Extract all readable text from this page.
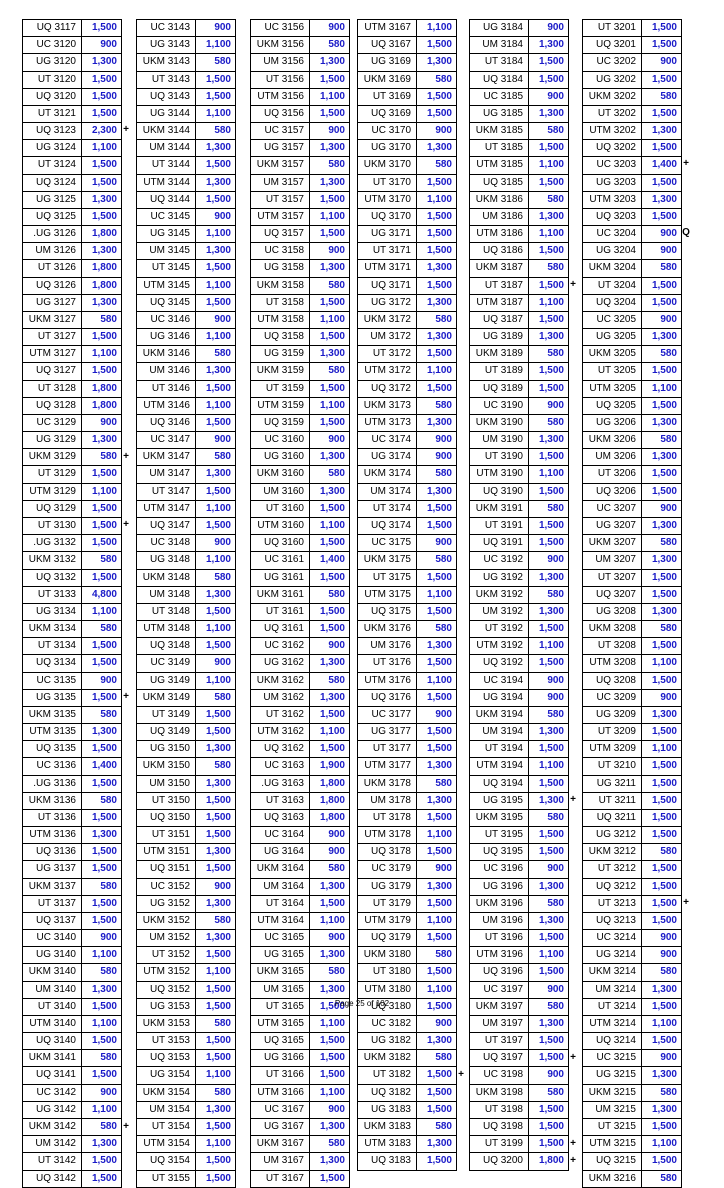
+
+
+
+
+
UQ 3117	1,500
UC 3120	900
UG 3120	1,300
UT 3120	1,500
UQ 3120	1,500
UT 3121	1,500
UQ 3123	2,300
UG 3124	1,100
UT 3124	1,500
UQ 3124	1,500
UG 3125	1,300
UQ 3125	1,500
.UG 3126	1,800
UM 3126	1,300
UT 3126	1,800
UQ 3126	1,800
UG 3127	1,300
UKM 3127	580
UT 3127	1,500
UTM 3127	1,100
UQ 3127	1,500
UT 3128	1,800
UQ 3128	1,800
UC 3129	900
UG 3129	1,300
UKM 3129	580
UT 3129	1,500
UTM 3129	1,100
UQ 3129	1,500
UT 3130	1,500
.UG 3132	1,500
UKM 3132	580
UQ 3132	1,500
UT 3133	4,800
UG 3134	1,100
UKM 3134	580
UT 3134	1,500
UQ 3134	1,500
UC 3135	900
UG 3135	1,500
UKM 3135	580
UTM 3135	1,300
UQ 3135	1,500
UC 3136	1,400
.UG 3136	1,500
UKM 3136	580
UT 3136	1,500
UTM 3136	1,300
UQ 3136	1,500
UG 3137	1,500
UKM 3137	580
UT 3137	1,500
UQ 3137	1,500
UC 3140	900
UG 3140	1,100
UKM 3140	580
UM 3140	1,300
UT 3140	1,500
UTM 3140	1,100
UQ 3140	1,500
UKM 3141	580
UQ 3141	1,500
UC 3142	900
UG 3142	1,100
UKM 3142	580
UM 3142	1,300
UT 3142	1,500
UQ 3142	1,500
UC 3143	900
UG 3143	1,100
UKM 3143	580
UT 3143	1,500
UQ 3143	1,500
UG 3144	1,100
UKM 3144	580
UM 3144	1,300
UT 3144	1,500
UTM 3144	1,300
UQ 3144	1,500
UC 3145	900
UG 3145	1,100
UM 3145	1,300
UT 3145	1,500
UTM 3145	1,100
UQ 3145	1,500
UC 3146	900
UG 3146	1,100
UKM 3146	580
UM 3146	1,300
UT 3146	1,500
UTM 3146	1,100
UQ 3146	1,500
UC 3147	900
UKM 3147	580
UM 3147	1,300
UT 3147	1,500
UTM 3147	1,100
UQ 3147	1,500
UC 3148	900
UG 3148	1,100
UKM 3148	580
UM 3148	1,300
UT 3148	1,500
UTM 3148	1,100
UQ 3148	1,500
UC 3149	900
UG 3149	1,100
UKM 3149	580
UT 3149	1,500
UQ 3149	1,500
UG 3150	1,300
UKM 3150	580
UM 3150	1,300
UT 3150	1,500
UQ 3150	1,500
UT 3151	1,500
UTM 3151	1,300
UQ 3151	1,500
UC 3152	900
UG 3152	1,300
UKM 3152	580
UM 3152	1,300
UT 3152	1,500
UTM 3152	1,100
UQ 3152	1,500
UG 3153	1,500
UKM 3153	580
UT 3153	1,500
UQ 3153	1,500
UG 3154	1,100
UKM 3154	580
UM 3154	1,300
UT 3154	1,500
UTM 3154	1,100
UQ 3154	1,500
UT 3155	1,500
UC 3156	900
UKM 3156	580
UM 3156	1,300
UT 3156	1,500
UTM 3156	1,100
UQ 3156	1,500
UC 3157	900
UG 3157	1,300
UKM 3157	580
UM 3157	1,300
UT 3157	1,500
UTM 3157	1,100
UQ 3157	1,500
UC 3158	900
UG 3158	1,300
UKM 3158	580
UT 3158	1,500
UTM 3158	1,100
UQ 3158	1,500
UG 3159	1,300
UKM 3159	580
UT 3159	1,500
UTM 3159	1,100
UQ 3159	1,500
UC 3160	900
UG 3160	1,300
UKM 3160	580
UM 3160	1,300
UT 3160	1,500
UTM 3160	1,100
UQ 3160	1,500
UC 3161	1,400
UG 3161	1,500
UKM 3161	580
UT 3161	1,500
UQ 3161	1,500
UC 3162	900
UG 3162	1,300
UKM 3162	580
UM 3162	1,300
UT 3162	1,500
UTM 3162	1,100
UQ 3162	1,500
UC 3163	1,900
.UG 3163	1,800
UT 3163	1,800
UQ 3163	1,800
UC 3164	900
UG 3164	900
UKM 3164	580
UM 3164	1,300
UT 3164	1,500
UTM 3164	1,100
UC 3165	900
UG 3165	1,300
UKM 3165	580
UM 3165	1,300
UT 3165	1,500
UTM 3165	1,100
UQ 3165	1,500
UG 3166	1,500
UT 3166	1,500
UTM 3166	1,100
UC 3167	900
UG 3167	1,300
UKM 3167	580
UM 3167	1,300
UT 3167	1,500
+
UTM 3167	1,100
UQ 3167	1,500
UG 3169	1,300
UKM 3169	580
UT 3169	1,500
UQ 3169	1,500
UC 3170	900
UG 3170	1,300
UKM 3170	580
UT 3170	1,500
UTM 3170	1,100
UQ 3170	1,500
UG 3171	1,500
UT 3171	1,500
UTM 3171	1,300
UQ 3171	1,500
UG 3172	1,300
UKM 3172	580
UM 3172	1,300
UT 3172	1,500
UTM 3172	1,100
UQ 3172	1,500
UKM 3173	580
UTM 3173	1,300
UC 3174	900
UG 3174	900
UKM 3174	580
UM 3174	1,300
UT 3174	1,500
UQ 3174	1,500
UC 3175	900
UKM 3175	580
UT 3175	1,500
UTM 3175	1,100
UQ 3175	1,500
UKM 3176	580
UM 3176	1,300
UT 3176	1,500
UTM 3176	1,100
UQ 3176	1,500
UC 3177	900
UG 3177	1,500
UT 3177	1,500
UTM 3177	1,300
UKM 3178	580
UM 3178	1,300
UT 3178	1,500
UTM 3178	1,100
UQ 3178	1,500
UC 3179	900
UG 3179	1,300
UT 3179	1,500
UTM 3179	1,100
UQ 3179	1,500
UKM 3180	580
UT 3180	1,500
UTM 3180	1,100
UQ 3180	1,500
UC 3182	900
UG 3182	1,300
UKM 3182	580
UT 3182	1,500
UQ 3182	1,500
UG 3183	1,500
UKM 3183	580
UTM 3183	1,300
UQ 3183	1,500
+
+
+
+
+
UG 3184	900
UM 3184	1,300
UT 3184	1,500
UQ 3184	1,500
UC 3185	900
UG 3185	1,300
UKM 3185	580
UT 3185	1,500
UTM 3185	1,100
UQ 3185	1,500
UKM 3186	580
UM 3186	1,300
UTM 3186	1,100
UQ 3186	1,500
UKM 3187	580
UT 3187	1,500
UTM 3187	1,100
UQ 3187	1,500
UG 3189	1,300
UKM 3189	580
UT 3189	1,500
UQ 3189	1,500
UC 3190	900
UKM 3190	580
UM 3190	1,300
UT 3190	1,500
UTM 3190	1,100
UQ 3190	1,500
UKM 3191	580
UT 3191	1,500
UQ 3191	1,500
UC 3192	900
UG 3192	1,300
UKM 3192	580
UM 3192	1,300
UT 3192	1,500
UTM 3192	1,100
UQ 3192	1,500
UC 3194	900
UG 3194	900
UKM 3194	580
UM 3194	1,300
UT 3194	1,500
UTM 3194	1,100
UQ 3194	1,500
UG 3195	1,300
UKM 3195	580
UT 3195	1,500
UQ 3195	1,500
UC 3196	900
UG 3196	1,300
UKM 3196	580
UM 3196	1,300
UT 3196	1,500
UTM 3196	1,100
UQ 3196	1,500
UC 3197	900
UKM 3197	580
UM 3197	1,300
UT 3197	1,500
UQ 3197	1,500
UC 3198	900
UKM 3198	580
UT 3198	1,500
UQ 3198	1,500
UT 3199	1,500
UQ 3200	1,800
+
Q
+
UT 3201	1,500
UQ 3201	1,500
UC 3202	900
UG 3202	1,500
UKM 3202	580
UT 3202	1,500
UTM 3202	1,300
UQ 3202	1,500
UC 3203	1,400
UG 3203	1,500
UTM 3203	1,300
UQ 3203	1,500
UC 3204	900
UG 3204	900
UKM 3204	580
UT 3204	1,500
UQ 3204	1,500
UC 3205	900
UG 3205	1,300
UKM 3205	580
UT 3205	1,500
UTM 3205	1,100
UQ 3205	1,500
UG 3206	1,300
UKM 3206	580
UM 3206	1,300
UT 3206	1,500
UQ 3206	1,500
UC 3207	900
UG 3207	1,300
UKM 3207	580
UM 3207	1,300
UT 3207	1,500
UQ 3207	1,500
UG 3208	1,300
UKM 3208	580
UT 3208	1,500
UTM 3208	1,100
UQ 3208	1,500
UC 3209	900
UG 3209	1,300
UT 3209	1,500
UTM 3209	1,100
UT 3210	1,500
UG 3211	1,500
UT 3211	1,500
UQ 3211	1,500
UG 3212	1,500
UKM 3212	580
UT 3212	1,500
UQ 3212	1,500
UT 3213	1,500
UQ 3213	1,500
UC 3214	900
UG 3214	900
UKM 3214	580
UM 3214	1,300
UT 3214	1,500
UTM 3214	1,100
UQ 3214	1,500
UC 3215	900
UG 3215	1,300
UKM 3215	580
UM 3215	1,300
UT 3215	1,500
UTM 3215	1,100
UQ 3215	1,500
UKM 3216	580
Page 25 of 102
